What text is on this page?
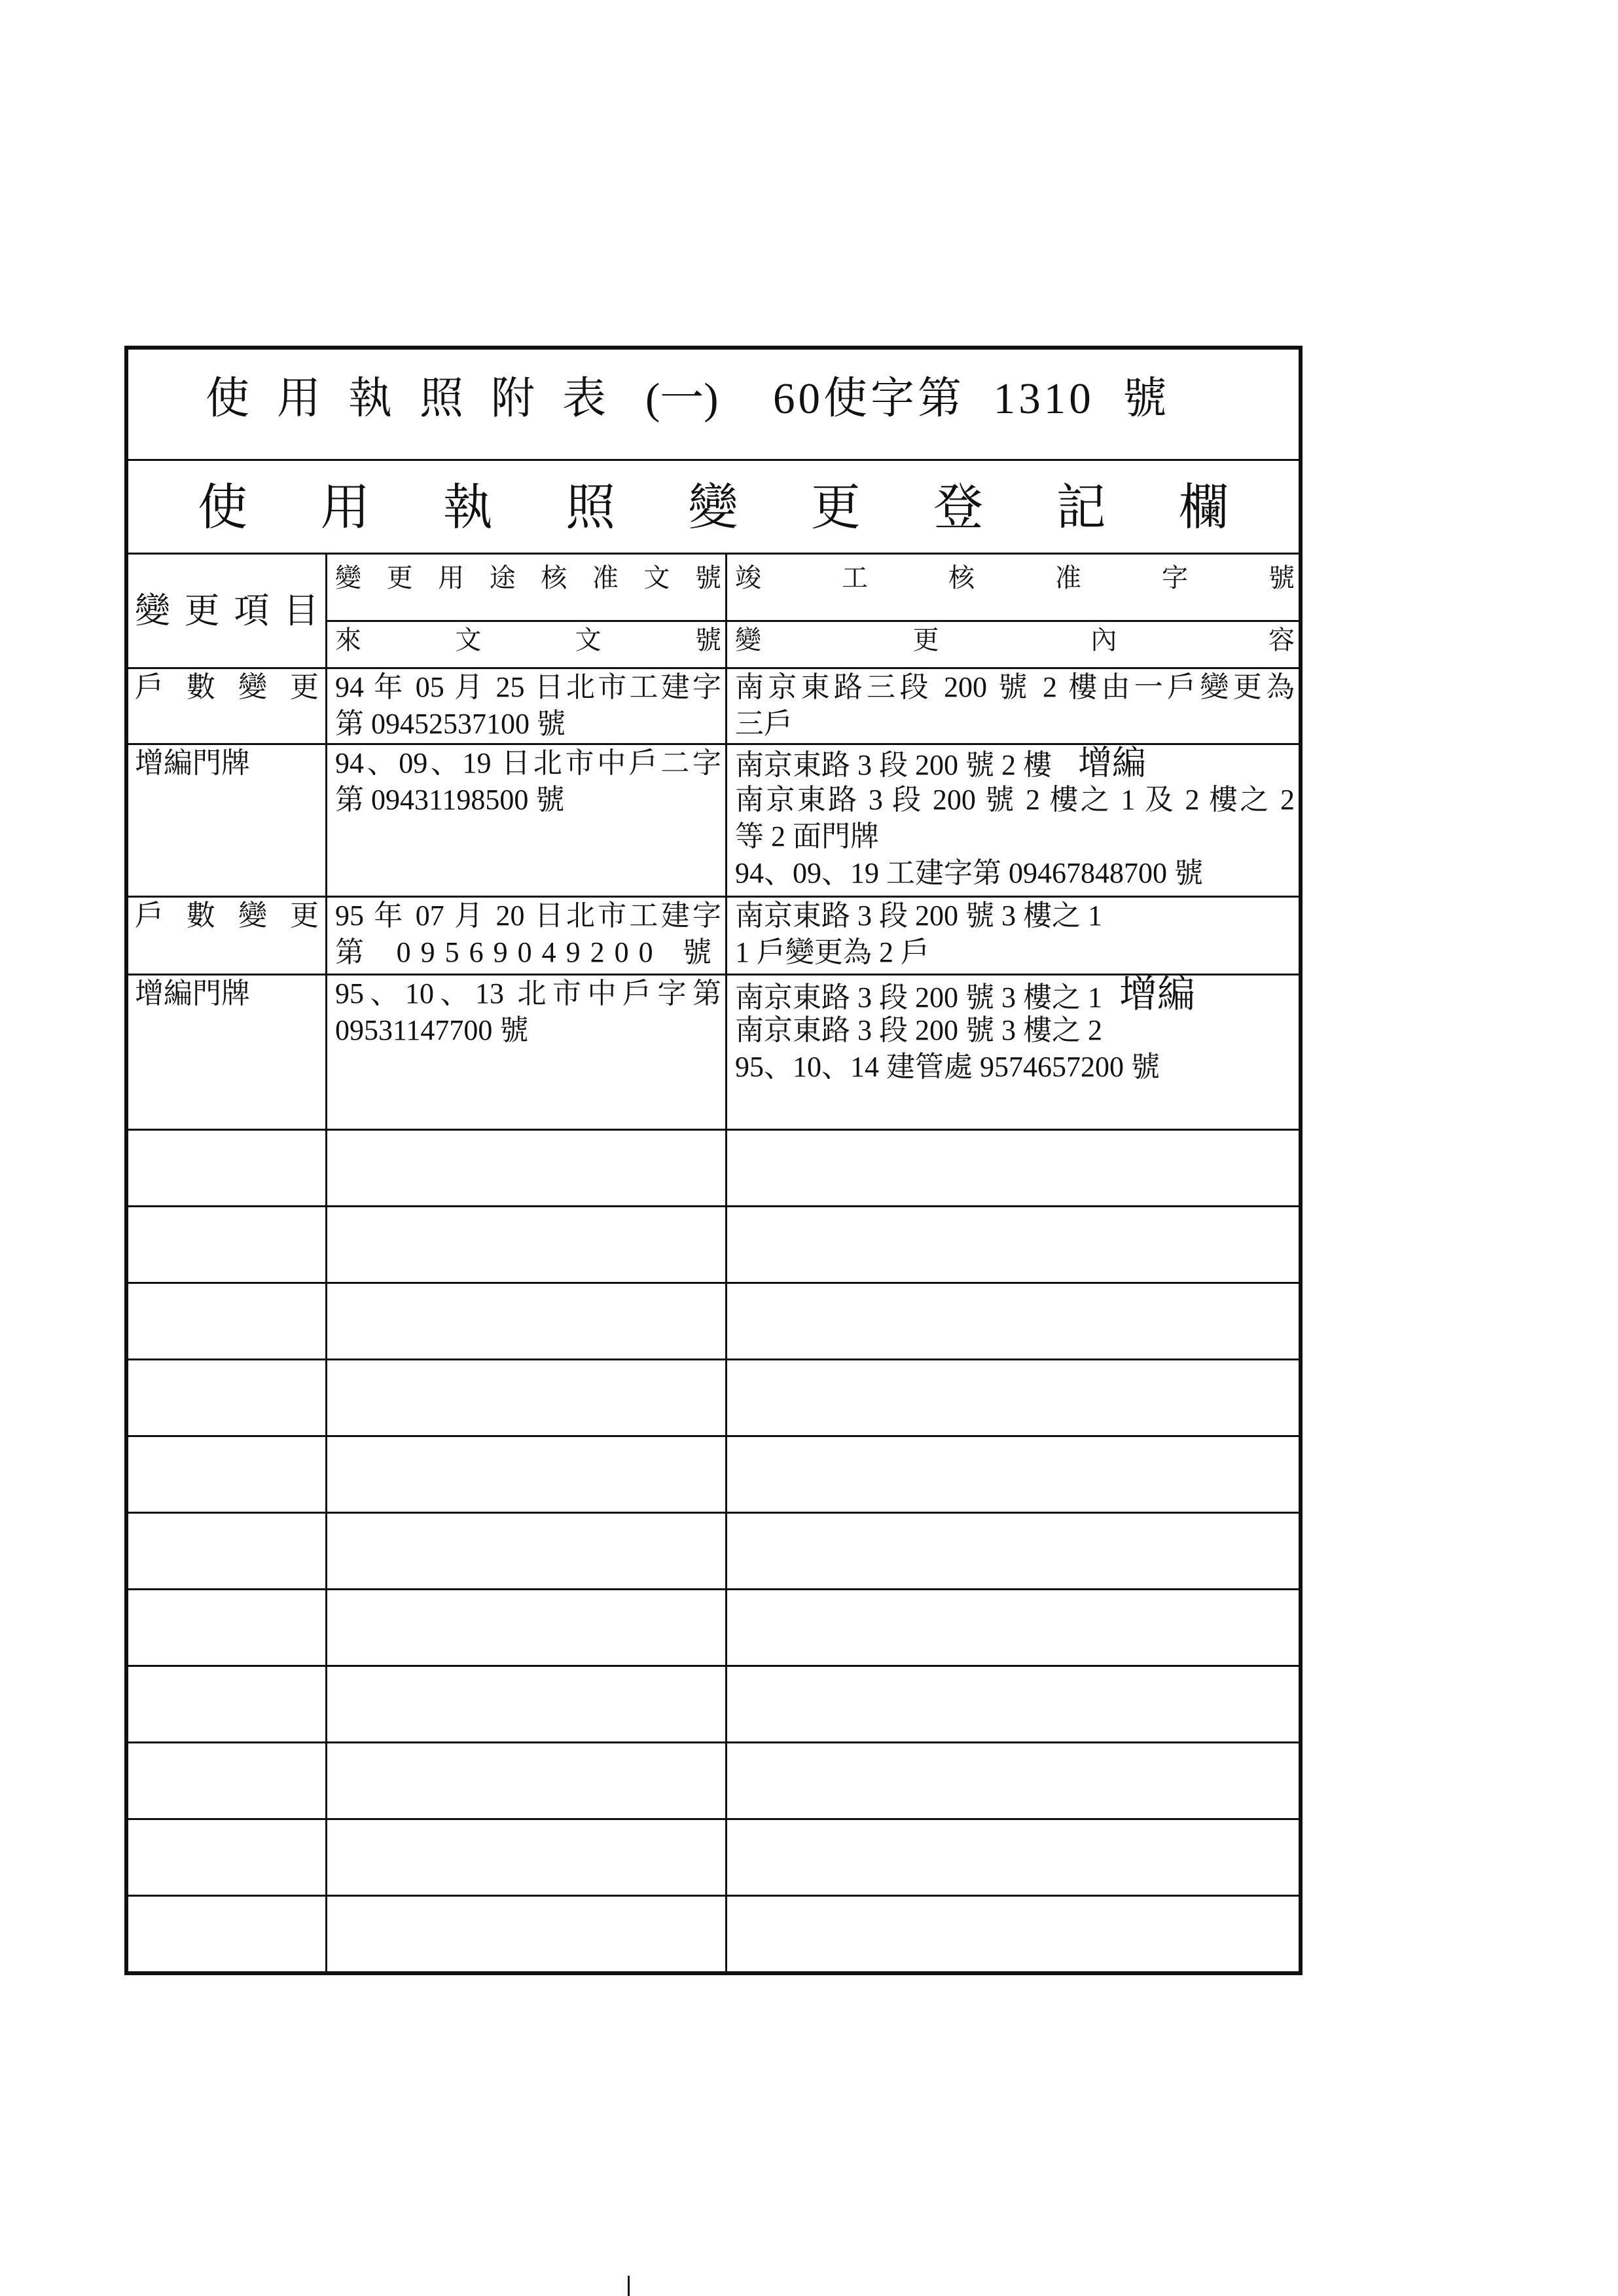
使用執照附表 (一) 60使字第 1310 號
使用執照變更登記欄
變更項目
變更用途核准文號 竣工核准字號
來文文號 變更內容
戶數變更 94 年 05 月 25 日北市工建字
第 09452537100 號
南京東路三段 200 號 2 樓由一戶變更為
三戶
增編門牌	94、09、19 日北市中戶二字
第 09431198500 號
南京東路 3 段 200 號 2 樓 增編
南京東路 3 段 200 號 2 樓之 1 及 2 樓之 2
等 2 面門牌
94、09、19 工建字第 09467848700 號
戶數變更 95 年 07 月 20 日北市工建字
第 09569049200 號
南京東路 3 段 200 號 3 樓之 1
1 戶變更為 2 戶
增編門牌	95、10、13 北市中戶字第
09531147700 號
南京東路 3 段 200 號 3 樓之 1 增編
南京東路 3 段 200 號 3 樓之 2
95、10、14 建管處 9574657200 號
